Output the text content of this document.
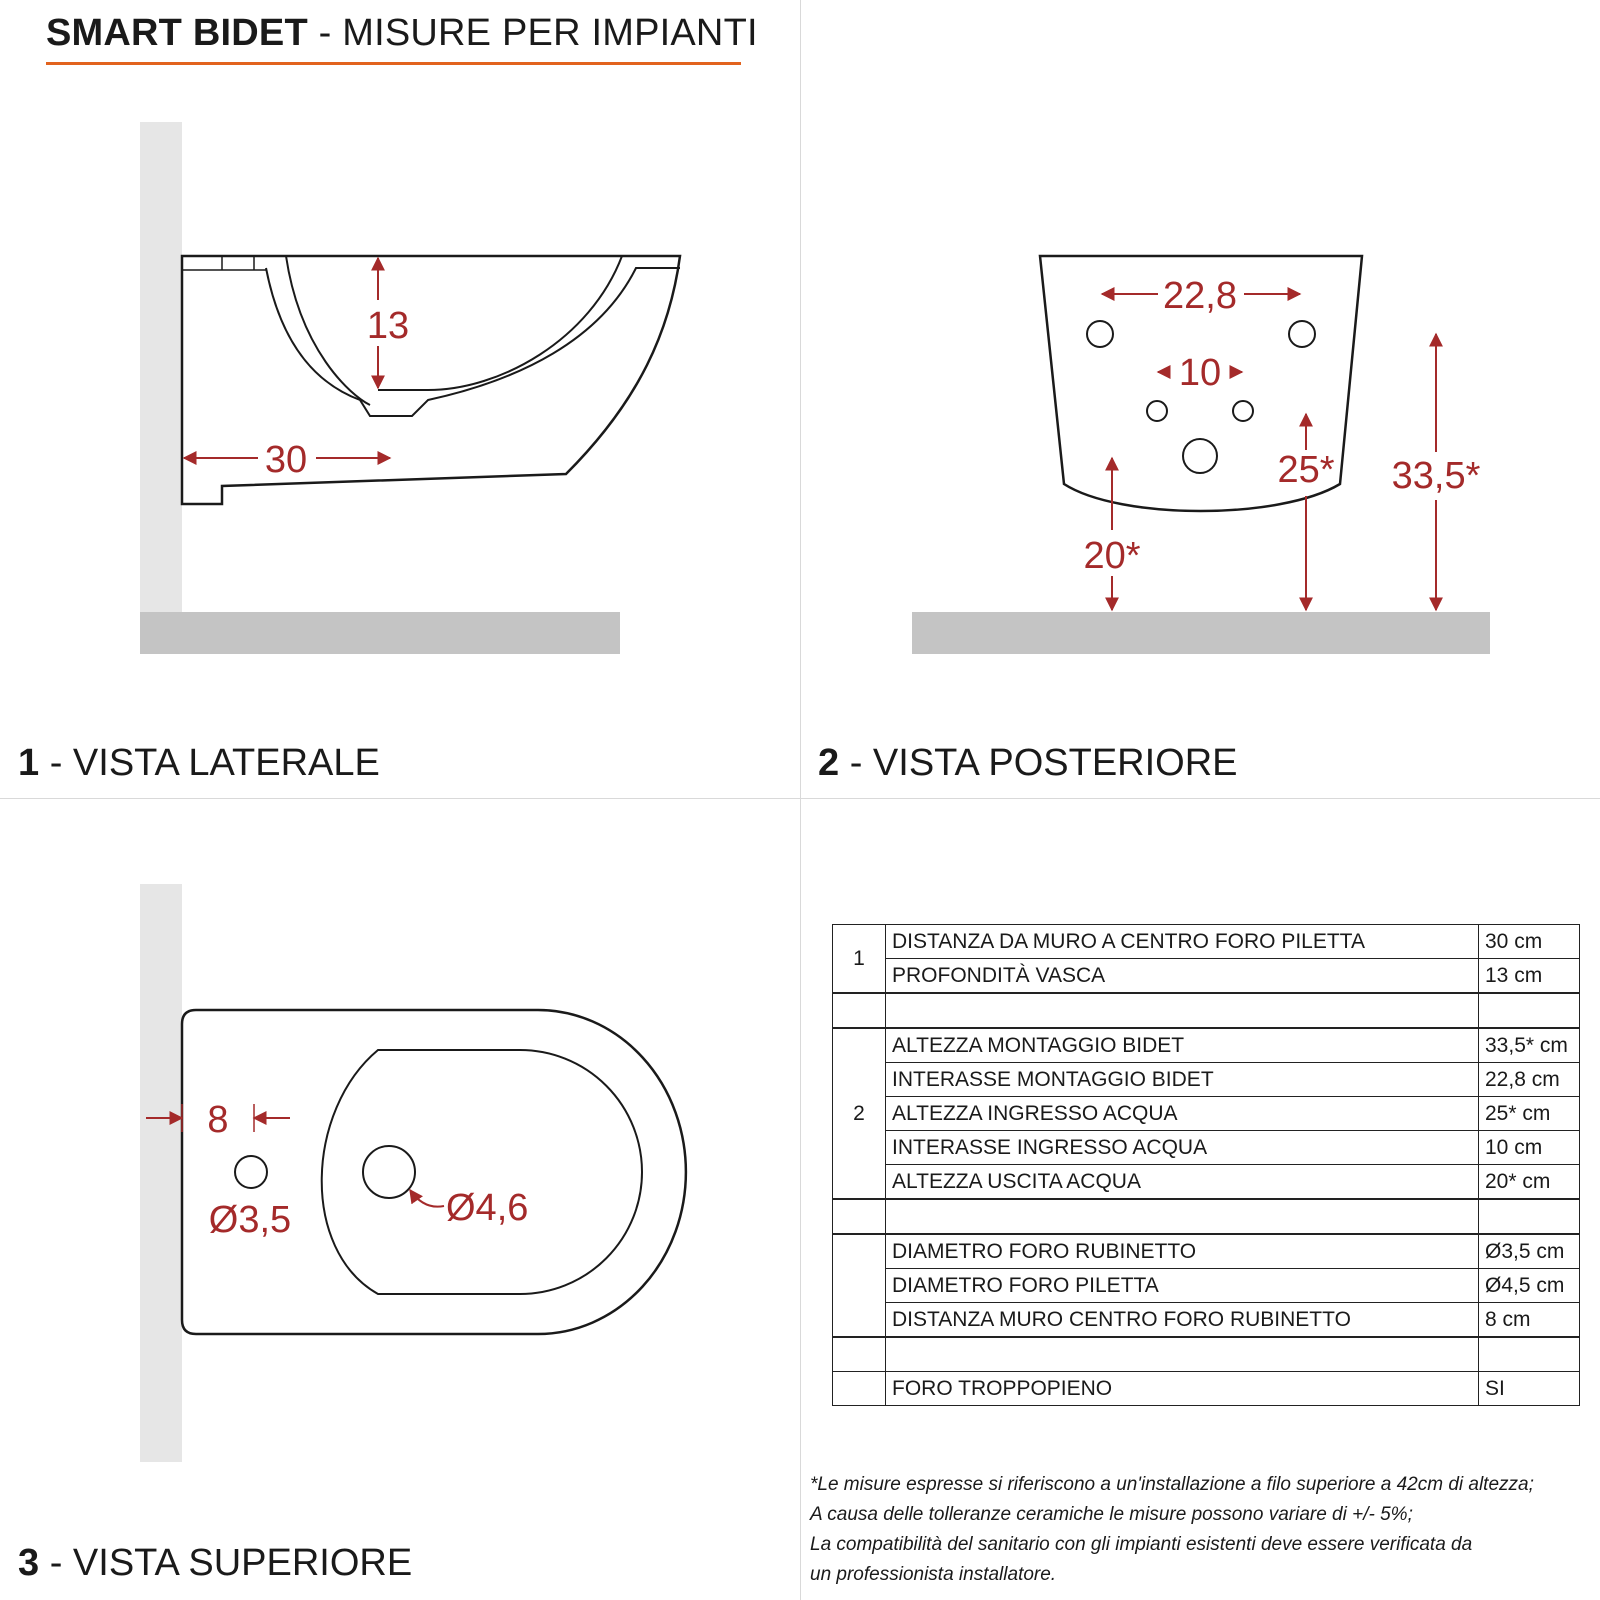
SMART BIDET - MISURE PER IMPIANTI
1 - VISTA LATERALE	2 - VISTA POSTERIORE
3 - VISTA SUPERIORE
13
30
22,8
10
25* 33,5*
20*
8
Ø3,5	Ø4,6
1	DISTANZA DA MURO A CENTRO FORO PILETTA	30 cm
	PROFONDITÀ VASCA	13 cm

2	ALTEZZA MONTAGGIO BIDET	33,5* cm
	INTERASSE MONTAGGIO BIDET	22,8 cm
	ALTEZZA INGRESSO ACQUA	25* cm
	INTERASSE INGRESSO ACQUA	10 cm
	ALTEZZA USCITA ACQUA	20* cm

	DIAMETRO FORO RUBINETTO	Ø3,5 cm
	DIAMETRO FORO PILETTA	Ø4,5 cm
	DISTANZA MURO CENTRO FORO RUBINETTO	8 cm

	FORO TROPPOPIENO	SI
*Le misure espresse si riferiscono a un'installazione a filo superiore a 42cm di altezza;
A causa delle tolleranze ceramiche le misure possono variare di +/- 5%;
La compatibilità del sanitario con gli impianti esistenti deve essere verificata da
un professionista installatore.
